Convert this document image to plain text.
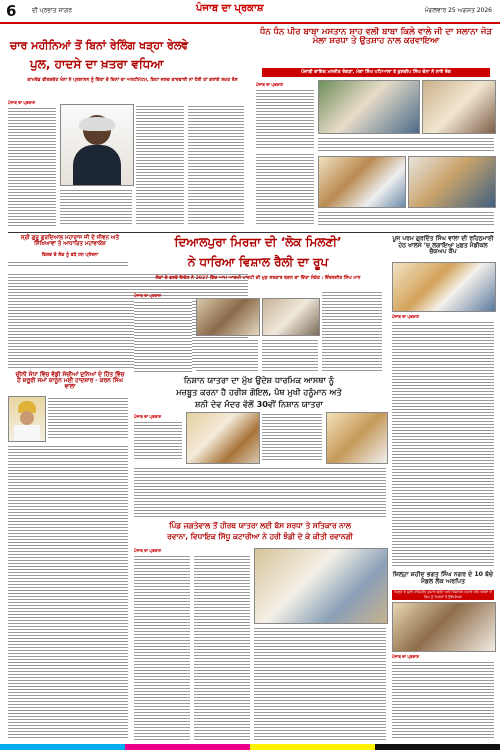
6	ਦੀ ਪ੍ਰਭਾਤ ਸਾਗਰ	ਪੰਜਾਬ ਦਾ ਪ੍ਰਕਾਸ਼	ਮੰਗਲਵਾਰ 25 ਅਗਸਤ 2026
ਚਾਰ ਮਹੀਨਿਆਂ ਤੋਂ ਬਿਨਾਂ ਰੇਲਿੰਗ ਖੜ੍ਹਾ ਰੇਲਵੇ
ਪੁਲ, ਹਾਦਸੇ ਦਾ ਖ਼ਤਰਾ ਵਧਿਆ
ਕਾਮਰੇਡ ਵੀਰਸ਼ਜ਼ੇਤ ਖੰਨਾ ਨੇ ਪ੍ਰਸ਼ਾਸਨ ਨੂੰ ਦਿੱਤਾ ਦੋ ਦਿਨਾਂ ਦਾ ਅਲਟੀਮੇਟਮ, ਕਿਹਾ ਜਲਦ ਕਾਰਵਾਈ ਨਾ ਹੋਈ ਤਾਂ ਕਰਾਂਗੇ ਸਖ਼ਤ ਰੋਸ
ਪੰਜਾਬ ਦਾ ਪ੍ਰਕਾਸ਼
ਸ੍ਰੀ ਗੁਰੂ ਗੁਰਦਿਆਲ ਮਹਾਰਾਜ ਜੀ ਦੇ ਜੀਵਨ ਅਤੇ ਸਿੱਖਿਆਵਾਂ ਤੇ ਆਧਾਰਿਤ ਮਹਾਂਵਾਕੋਸ਼
ਵਿਸ਼ਵ ਦੋ ਲੋਕ ਨੂੰ ਵਧੇ ਹਨ ਪ੍ਰੇਰਨਾ
ਧੰਨ ਧੰਨ ਪੀਰ ਬਾਬਾ ਮਸਤਾਨ ਸ਼ਾਹ ਵਲੀ ਬਾਬਾ ਕਿਲੇ ਵਾਲੇ ਜੀ ਦਾ ਸਲਾਨਾ ਜੋੜ ਮੇਲਾ ਸ਼ਰਧਾ ਤੇ ਉਤਸ਼ਾਹ ਨਾਲ ਕਰਵਾਇਆ
ਪੰਜਾਬੀ ਗਾਇਕ ਮਨਜੀਤ ਰੰਗੜਾ, ਮੰਗਾ ਸਿੰਘ ਪਟਿਆਲਾ ਤੇ ਕੁਲਦੀਪ ਸਿੰਘ ਚੰਨਾ ਨੇ ਲਾਏ ਰੰਗ
ਪੰਜਾਬ ਦਾ ਪ੍ਰਕਾਸ਼
ਚੀਨੀ ਸੋਧਾ ਵਿੱਚ ਵੱਡੀ ਸੱਚੀਆਂ ਦੁਨਿਆਂ ਦੇ ਹਿੱਤ ਵਿੱਚ ਹੈ ਜ਼ਰੂਰੀ ਸਮਾਂ ਕਾਨੂੰਨ ਮਈ ਹਾਦਸ਼ਾਰ - ਕਰਨ ਸਿੰਘ ਵਾਲਾ
ਦਿਆਲਪੁਰਾ ਮਿਰਜ਼ਾ ਦੀ ‘ਲੋਕ ਮਿਲਣੀ’
ਨੇ ਧਾਰਿਆ ਵਿਸ਼ਾਲ ਰੈਲੀ ਦਾ ਰੂਪ
ਲੋਕਾਂ ਦੇ ਭਰਵੇਂ ਇਕੱਠ ਨੇ 2027 ਵਿੱਚ ਆਮ ਆਦਮੀ ਪਾਰਟੀ ਦੀ ਮੁੜ ਸਰਕਾਰ ਬਣਨ ਦਾ ਦਿੱਤਾ ਸੰਕੇਤ : ਇੰਦਰਜੀਤ ਸਿੰਘ ਮਾਨ
ਪੰਜਾਬ ਦਾ ਪ੍ਰਕਾਸ਼
ਪੂਜ ਪਰਮ ਗੁਰਦਿੱਤ ਸਿੰਘ ਵਾਲਾ ਦੀ ਰਹਿਨੁਮਾਈ ਹੇਠ ਖਾਲਸੇ ’ਚ ਲਗਾਇਆ ਮੁਫ਼ਤ ਮੈਡੀਕਲ ਚੈਕਅਪ ਕੈਂਪ
ਪੰਜਾਬ ਦਾ ਪ੍ਰਕਾਸ਼
ਨਿਸ਼ਾਨ ਯਾਤਰਾ ਦਾ ਮੁੱਖ ਉਦੇਸ਼ ਧਾਰਮਿਕ ਆਸਥਾ ਨੂੰ
ਮਜ਼ਬੂਤ ਕਰਨਾ ਹੈ ਹਰੀਸ਼ ਗੋਇਲ, ਪੰਥ ਮੁਖੀ ਹਨੂੰਮਾਨ ਅਤੇ
ਸ਼ਨੀ ਦੇਵ ਮੰਦਰ ਵੱਲੋਂ 30ਵੀਂ ਨਿਸ਼ਾਨ ਯਾਤਰਾ
ਪੰਜਾਬ ਦਾ ਪ੍ਰਕਾਸ਼
ਪਿੰਡ ਜਗਤੇਵਾਲ ਤੋਂ ਹੀਰਥ ਯਾਤਰਾ ਲਈ ਬੱਸ ਸ਼ਰਧਾ ਤੇ ਸਤਿਕਾਰ ਨਾਲ
ਰਵਾਨਾ, ਵਿਧਾਇਕ ਸਿੱਧੂ ਕਟਾਰੀਆ ਨੇ ਹਰੀ ਝੰਡੀ ਦੇ ਕੇ ਕੀਤੀ ਰਵਾਨਗੀ
ਪੰਜਾਬ ਦਾ ਪ੍ਰਕਾਸ਼
ਜ਼ਿਲ੍ਹਾ ਸ਼ਹੀਦ ਭਗਤ ਸਿੰਘ ਨਗਰ ਦੇ 10 ਬੱਚੇ ਮੈਡਲ ਲੈਕ ਅਰਪਿਤ
ਜਿਲ੍ਹੇ ਦੇ ਸ਼੍ਰੀ ਹਾਸ਼ਿਮੀਤ ਕੁਮਾਰ ਗ੍ਰੇਟ ਅਤੇ ਰਿਸ਼ਤਿਕ ਕਮਾਦੇ ਰਹਿ ਰਕਬਾਂ ਦੇ ਕਿਮ ਨੂੰ ਮਿਰਚਾਂ ਤੇ ਉਲੰਪੀਅਨ
ਪੰਜਾਬ ਦਾ ਪ੍ਰਕਾਸ਼
